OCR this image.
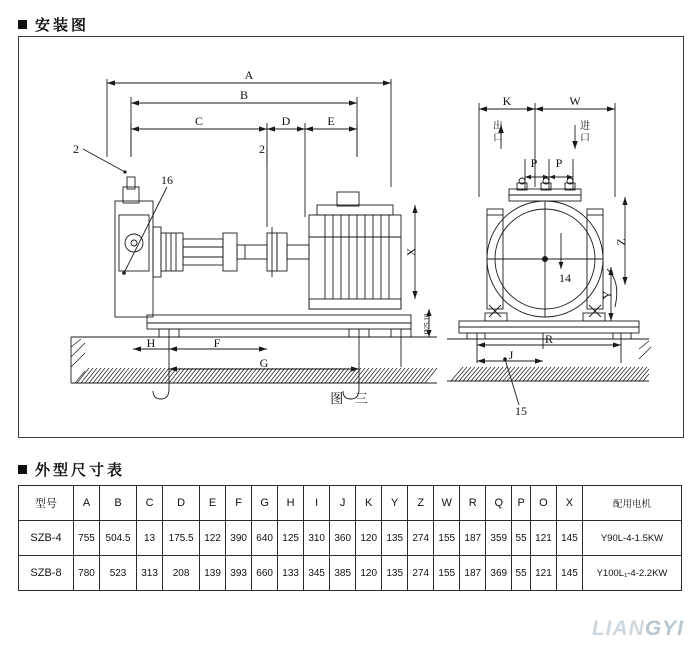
安装图
A
B
C	D	E
2	2
16
F
H
G
K	W
P P
14
15
R
J
X
Ø25.10
Z
Y
出
口
进
口
图 三
外型尺寸表
型号	A	B	C	D	E	F	G	H	I	J	K	Y	Z	W	R	Q	P	O	X	配用电机
SZB-4	755	504.5	13	175.5	122	390	640	125	310	360	120	135	274	155	187	359	55	121	145	Y90L-4-1.5KW
SZB-8	780	523	313	208	139	393	660	133	345	385	120	135	274	155	187	369	55	121	145	Y100L₁-4-2.2KW
LIANGYI
